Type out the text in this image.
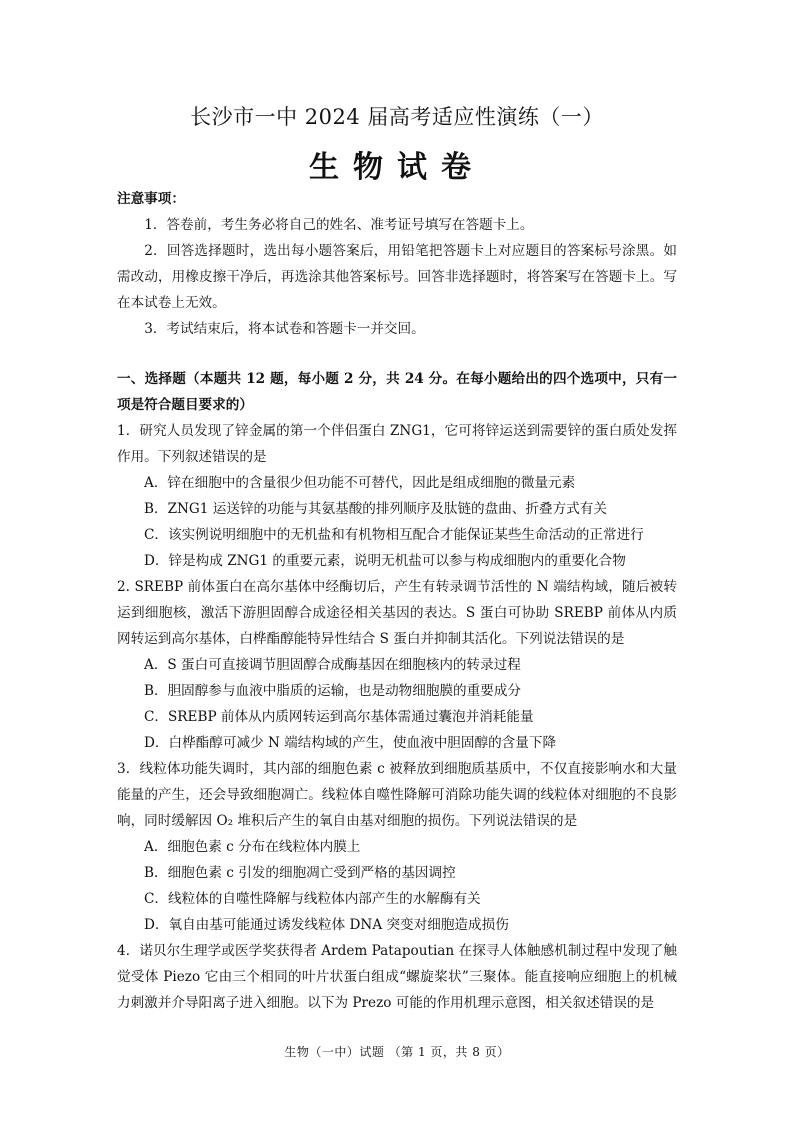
长沙市一中 2024 届高考适应性演练（一）
生物试卷

注意事项：

1．答卷前，考生务必将自己的姓名、准考证号填写在答题卡上。

2．回答选择题时，选出每小题答案后，用铅笔把答题卡上对应题目的答案标号涂黑。如需改动，用橡皮擦干净后，再选涂其他答案标号。回答非选择题时，将答案写在答题卡上。写在本试卷上无效。

3．考试结束后，将本试卷和答题卡一并交回。

一、选择题（本题共 12 题，每小题 2 分，共 24 分。在每小题给出的四个选项中，只有一项是符合题目要求的）

1．研究人员发现了锌金属的第一个伴侣蛋白 ZNG1，它可将锌运送到需要锌的蛋白质处发挥作用。下列叙述错误的是

A．锌在细胞中的含量很少但功能不可替代，因此是组成细胞的微量元素

B．ZNG1 运送锌的功能与其氨基酸的排列顺序及肽链的盘曲、折叠方式有关

C．该实例说明细胞中的无机盐和有机物相互配合才能保证某些生命活动的正常进行

D．锌是构成 ZNG1 的重要元素，说明无机盐可以参与构成细胞内的重要化合物

2. SREBP 前体蛋白在高尔基体中经酶切后，产生有转录调节活性的 N 端结构域，随后被转运到细胞核，激活下游胆固醇合成途径相关基因的表达。S 蛋白可协助 SREBP 前体从内质网转运到高尔基体，白桦酯醇能特异性结合 S 蛋白并抑制其活化。下列说法错误的是

A．S 蛋白可直接调节胆固醇合成酶基因在细胞核内的转录过程

B．胆固醇参与血液中脂质的运输，也是动物细胞膜的重要成分

C．SREBP 前体从内质网转运到高尔基体需通过囊泡并消耗能量

D．白桦酯醇可减少 N 端结构域的产生，使血液中胆固醇的含量下降

3．线粒体功能失调时，其内部的细胞色素 c 被释放到细胞质基质中，不仅直接影响水和大量能量的产生，还会导致细胞凋亡。线粒体自噬性降解可消除功能失调的线粒体对细胞的不良影响，同时缓解因 O₂ 堆积后产生的氧自由基对细胞的损伤。下列说法错误的是

A．细胞色素 c 分布在线粒体内膜上

B．细胞色素 c 引发的细胞凋亡受到严格的基因调控

C．线粒体的自噬性降解与线粒体内部产生的水解酶有关

D．氧自由基可能通过诱发线粒体 DNA 突变对细胞造成损伤

4．诺贝尔生理学或医学奖获得者 Ardem Patapoutian 在探寻人体触感机制过程中发现了触觉受体 Piezo 它由三个相同的叶片状蛋白组成“螺旋桨状”三聚体。能直接响应细胞上的机械力刺激并介导阳离子进入细胞。以下为 Prezo 可能的作用机理示意图，相关叙述错误的是

生物（一中）试题 （第 1 页，共 8 页）
